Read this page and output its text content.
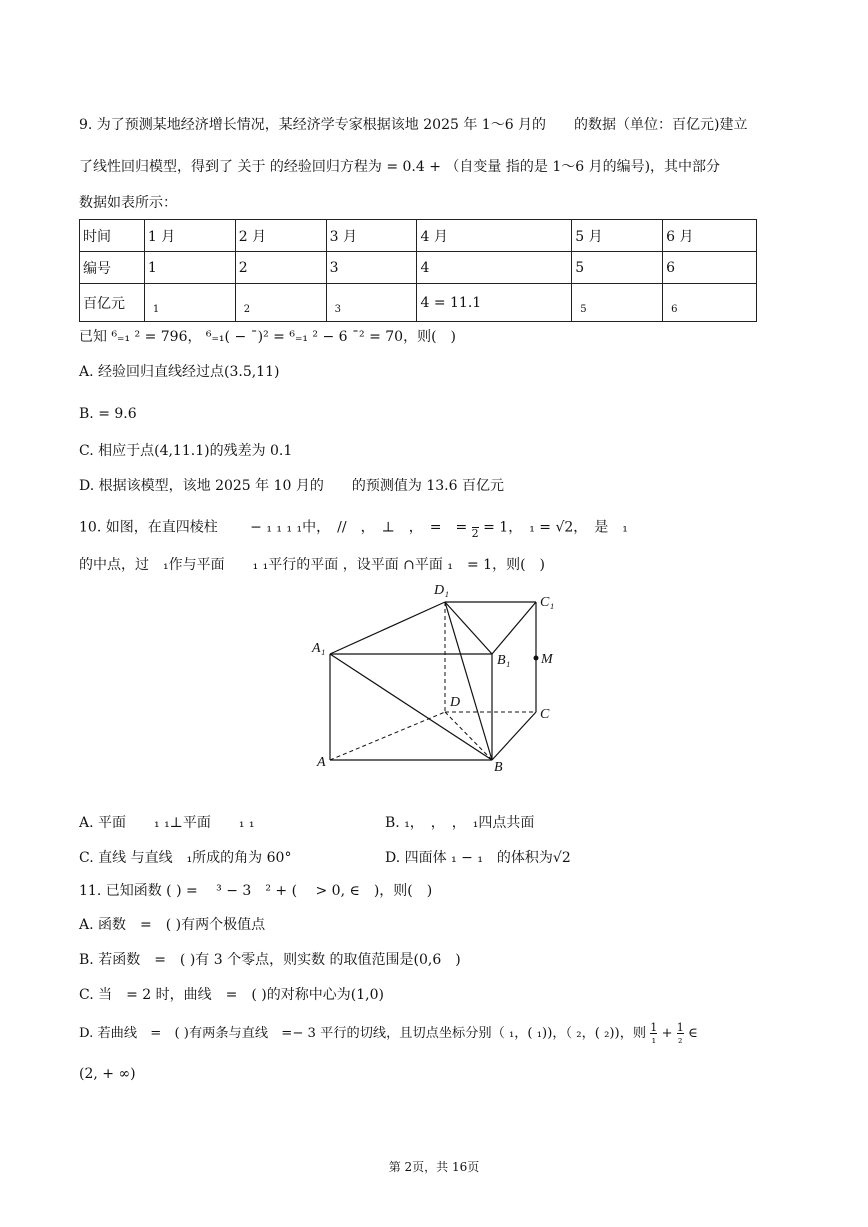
9. 为了预测某地经济增长情况，某经济学专家根据该地 2025 年 1～6 月的　　的数据（单位：百亿元)建立
了线性回归模型，得到了 关于 的经验回归方程为 = 0.4 + （自变量 指的是 1～6 月的编号)，其中部分
数据如表所示：
时间	1 月	2 月	3 月	4 月	5 月	6 月
编号	1	2	3	4	5	6
百亿元	1	2	3	4 = 11.1	5	6
已知 ⁶₌₁ ² = 796， ⁶₌₁( − ¯)² = ⁶₌₁ ² − 6 ¯² = 70，则(　)
A. 经验回归直线经过点(3.5,11)
B. = 9.6
C. 相应于点(4,11.1)的残差为 0.1
D. 根据该模型，该地 2025 年 10 月的　　的预测值为 13.6 百亿元
10. 如图，在直四棱柱　　 − ₁ ₁ ₁ ₁中，　//　，　⊥　，　=　=
2 = 1，　₁ = √2，　是　₁
的中点，过　₁作与平面　　₁ ₁平行的平面 ，设平面 ∩平面 ₁　= 1，则(　)
D₁
C₁
A₁
B₁ M
D
C
A	B
A. 平面　　₁ ₁⊥平面　　₁ ₁	B. ₁，　，　，　₁四点共面
C. 直线 与直线　₁所成的角为 60°	D. 四面体 ₁ − ₁　的体积为√2
11. 已知函数 ( ) =　 ³ − 3　² + ( 　> 0, ∈　)，则(　)
A. 函数　=　( )有两个极值点
B. 若函数　=　( )有 3 个零点，则实数 的取值范围是(0,6　)
C. 当　= 2 时，曲线　=　( )的对称中心为(1,0)
D. 若曲线　=　( )有两条与直线　=− 3 平行的切线，且切点坐标分别（ ₁，( ₁))，（ ₂，( ₂))，则 $\frac{1}{\text{₁}} + \frac{1}{\text{₂}}$ ∈
(2, + ∞)
第 2页，共 16页
